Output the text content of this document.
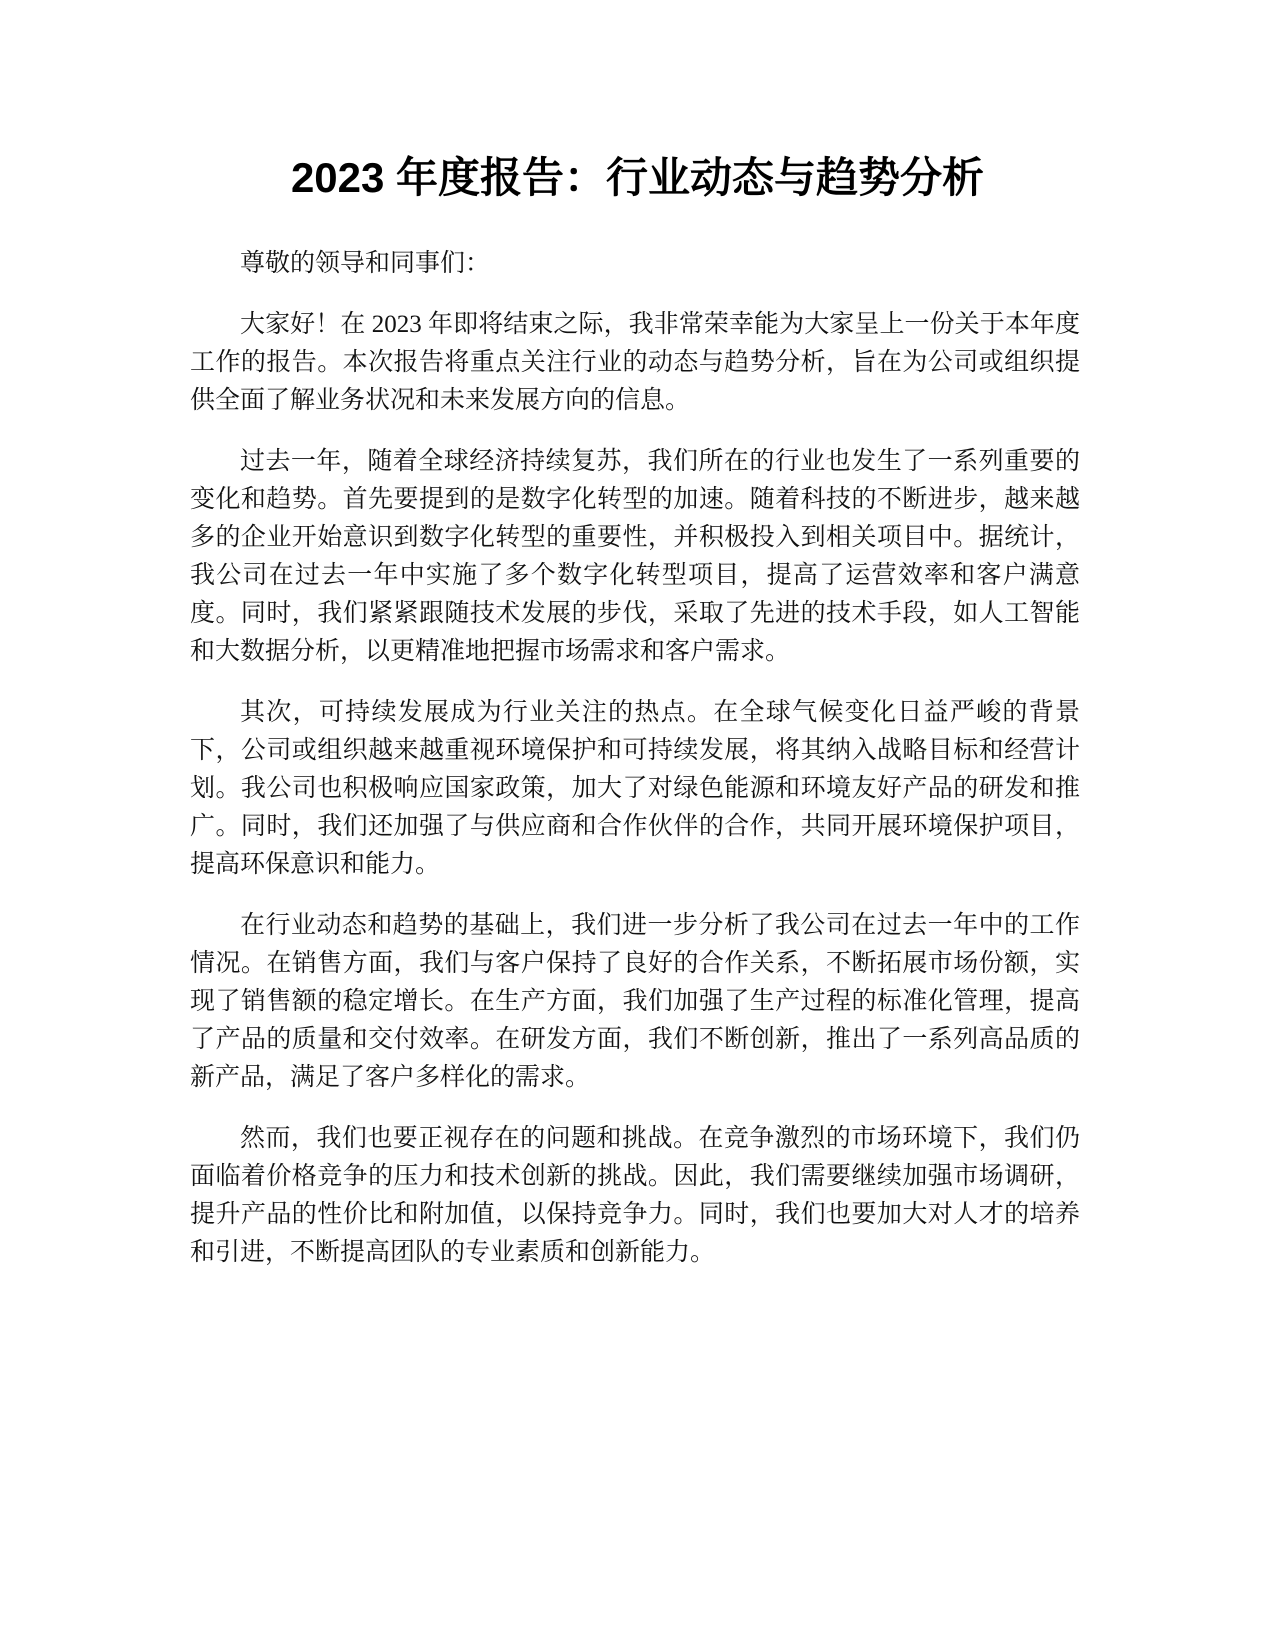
2023 年度报告：行业动态与趋势分析

尊敬的领导和同事们：

大家好！在 2023 年即将结束之际，我非常荣幸能为大家呈上一份关于本年度工作的报告。本次报告将重点关注行业的动态与趋势分析，旨在为公司或组织提供全面了解业务状况和未来发展方向的信息。

过去一年，随着全球经济持续复苏，我们所在的行业也发生了一系列重要的变化和趋势。首先要提到的是数字化转型的加速。随着科技的不断进步，越来越多的企业开始意识到数字化转型的重要性，并积极投入到相关项目中。据统计，我公司在过去一年中实施了多个数字化转型项目，提高了运营效率和客户满意度。同时，我们紧紧跟随技术发展的步伐，采取了先进的技术手段，如人工智能和大数据分析，以更精准地把握市场需求和客户需求。

其次，可持续发展成为行业关注的热点。在全球气候变化日益严峻的背景下，公司或组织越来越重视环境保护和可持续发展，将其纳入战略目标和经营计划。我公司也积极响应国家政策，加大了对绿色能源和环境友好产品的研发和推广。同时，我们还加强了与供应商和合作伙伴的合作，共同开展环境保护项目，提高环保意识和能力。

在行业动态和趋势的基础上，我们进一步分析了我公司在过去一年中的工作情况。在销售方面，我们与客户保持了良好的合作关系，不断拓展市场份额，实现了销售额的稳定增长。在生产方面，我们加强了生产过程的标准化管理，提高了产品的质量和交付效率。在研发方面，我们不断创新，推出了一系列高品质的新产品，满足了客户多样化的需求。

然而，我们也要正视存在的问题和挑战。在竞争激烈的市场环境下，我们仍面临着价格竞争的压力和技术创新的挑战。因此，我们需要继续加强市场调研，提升产品的性价比和附加值，以保持竞争力。同时，我们也要加大对人才的培养和引进，不断提高团队的专业素质和创新能力。
